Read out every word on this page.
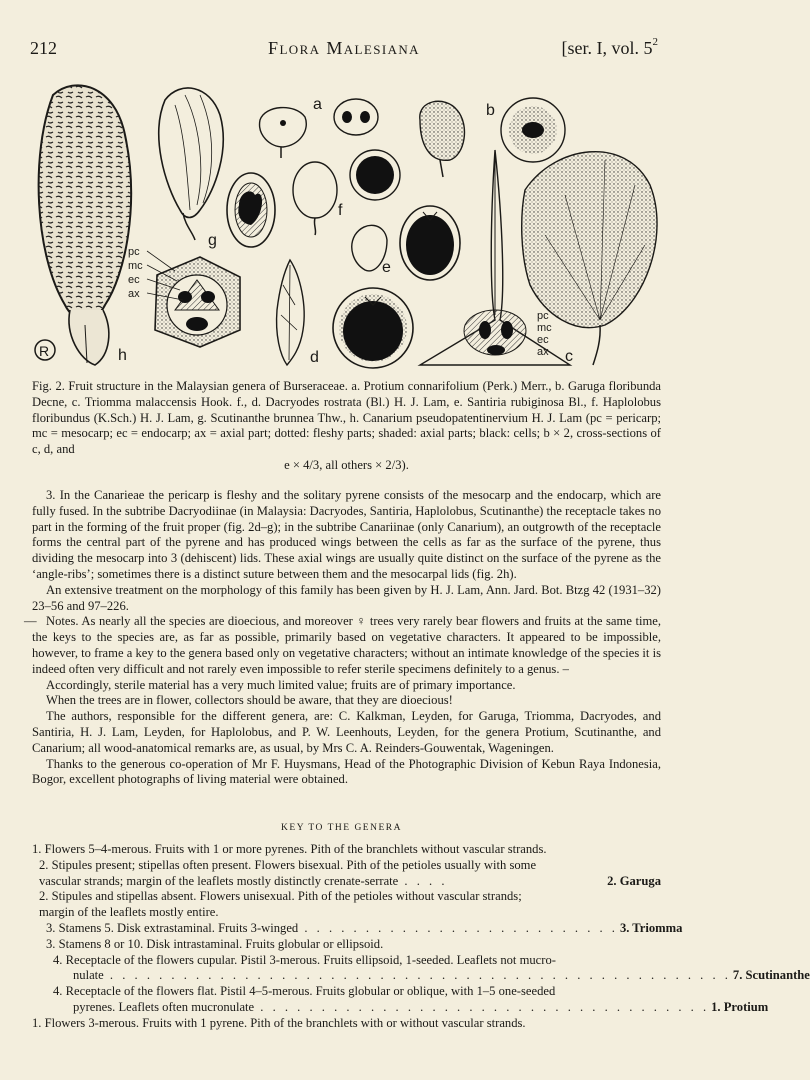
212	Flora Malesiana	[ser. I, vol. $5^2$
R	h
g
pc
mc
ec
ax
d
a
f
e
b
pc
mc
ec
ax c
Fig. 2. Fruit structure in the Malaysian genera of Burseraceae. a. Protium connarifolium (Perk.) Merr., b. Garuga floribunda Decne, c. Triomma malaccensis Hook. f., d. Dacryodes rostrata (Bl.) H. J. Lam, e. Santiria rubiginosa Bl., f. Haplolobus floribundus (K.Sch.) H. J. Lam, g. Scutinanthe brunnea Thw., h. Canarium pseudopatentinervium H. J. Lam (pc = pericarp; mc = mesocarp; ec = endocarp; ax = axial part; dotted: fleshy parts; shaded: axial parts; black: cells; b × 2, cross-sections of c, d, and
e × 4/3, all others × 2/3).

3. In the Canarieae the pericarp is fleshy and the solitary pyrene consists of the mesocarp and the endocarp, which are fully fused. In the subtribe Dacryodiinae (in Malaysia: Dacryodes, Santiria, Haplolobus, Scutinanthe) the receptacle takes no part in the forming of the fruit proper (fig. 2d–g); in the subtribe Canariinae (only Canarium), an outgrowth of the receptacle forms the central part of the pyrene and has produced wings between the cells as far as the surface of the pyrene, thus dividing the mesocarp into 3 (dehiscent) lids. These axial wings are usually quite distinct on the surface of the pyrene as the ‘angle-ribs’; sometimes there is a distinct suture between them and the mesocarpal lids (fig. 2h).

An extensive treatment on the morphology of this family has been given by H. J. Lam, Ann. Jard. Bot. Btzg 42 (1931–32) 23–56 and 97–226.

— Notes. As nearly all the species are dioecious, and moreover ♀ trees very rarely bear flowers and fruits at the same time, the keys to the species are, as far as possible, primarily based on vegetative characters. It appeared to be impossible, however, to frame a key to the genera based only on vegetative characters; without an intimate knowledge of the species it is indeed often very difficult and not rarely even impossible to refer sterile specimens definitely to a genus. –

Accordingly, sterile material has a very much limited value; fruits are of primary importance.

When the trees are in flower, collectors should be aware, that they are dioecious!

The authors, responsible for the different genera, are: C. Kalkman, Leyden, for Garuga, Triomma, Dacryodes, and Santiria, H. J. Lam, Leyden, for Haplolobus, and P. W. Leenhouts, Leyden, for the genera Protium, Scutinanthe, and Canarium; all wood-anatomical remarks are, as usual, by Mrs C. A. Reinders-Gouwentak, Wageningen.

Thanks to the generous co-operation of Mr F. Huysmans, Head of the Photographic Division of Kebun Raya Indonesia, Bogor, excellent photographs of living material were obtained.

KEY TO THE GENERA
1.
Flowers 5–4-merous. Fruits with 1 or more pyrenes. Pith of the branchlets without vascular strands.
2.
Stipules present; stipellas often present. Flowers bisexual. Pith of the petioles usually with some
vascular strands; margin of the leaflets mostly distinctly crenate-serrate . . . .	2. Garuga
2.
Stipules and stipellas absent. Flowers unisexual. Pith of the petioles without vascular strands;
margin of the leaflets mostly entire.
3.
Stamens 5. Disk extrastaminal. Fruits 3-winged . . . . . . . . . . . . . . . . . . . . . . . . . . 3. Triomma
3.
Stamens 8 or 10. Disk intrastaminal. Fruits globular or ellipsoid.
4.
Receptacle of the flowers cupular. Pistil 3-merous. Fruits ellipsoid, 1-seeded. Leaflets not mucro-
nulate . . . . . . . . . . . . . . . . . . . . . . . . . . . . . . . . . . . . . . . . . . . . . . . . . . . 7. Scutinanthe
4.
Receptacle of the flowers flat. Pistil 4–5-merous. Fruits globular or oblique, with 1–5 one-seeded
pyrenes. Leaflets often mucronulate . . . . . . . . . . . . . . . . . . . . . . . . . . . . . . . . . . . . . 1. Protium
1.
Flowers 3-merous. Fruits with 1 pyrene. Pith of the branchlets with or without vascular strands.
